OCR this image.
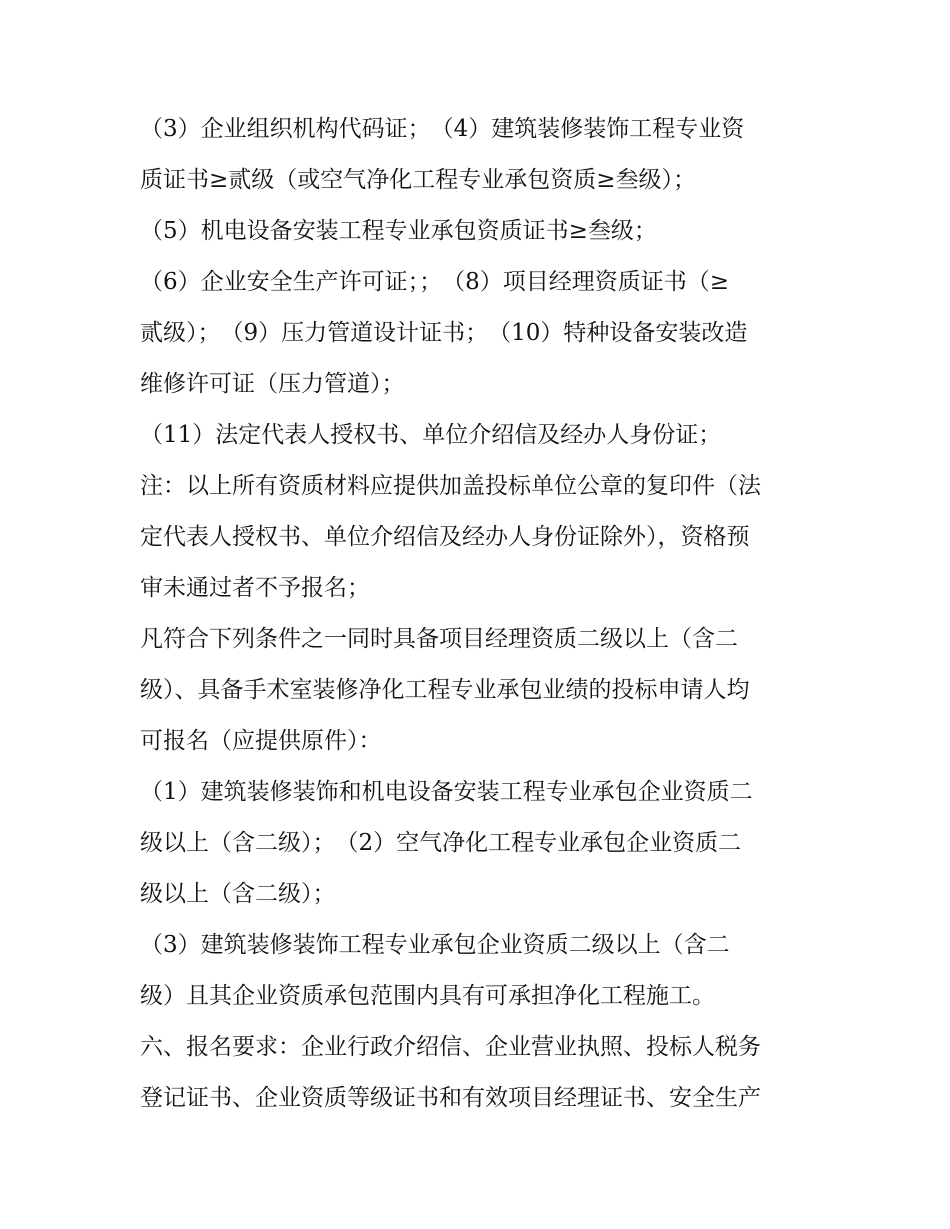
（3）企业组织机构代码证；　（4）建筑装修装饰工程专业资
质证书≥贰级（或空气净化工程专业承包资质≥叁级）；
（5）机电设备安装工程专业承包资质证书≥叁级；
（6）企业安全生产许可证；；　（8）项目经理资质证书（≥
贰级）；　（9）压力管道设计证书；　（10）特种设备安装改造
维修许可证（压力管道）；
（11）法定代表人授权书、单位介绍信及经办人身份证；
注：以上所有资质材料应提供加盖投标单位公章的复印件（法
定代表人授权书、单位介绍信及经办人身份证除外），资格预
审未通过者不予报名；
凡符合下列条件之一同时具备项目经理资质二级以上（含二
级）、具备手术室装修净化工程专业承包业绩的投标申请人均
可报名（应提供原件）：
（1）建筑装修装饰和机电设备安装工程专业承包企业资质二
级以上（含二级）；　（2）空气净化工程专业承包企业资质二
级以上（含二级）；
（3）建筑装修装饰工程专业承包企业资质二级以上（含二
级）且其企业资质承包范围内具有可承担净化工程施工。
六、报名要求：企业行政介绍信、企业营业执照、投标人税务
登记证书、企业资质等级证书和有效项目经理证书、安全生产
